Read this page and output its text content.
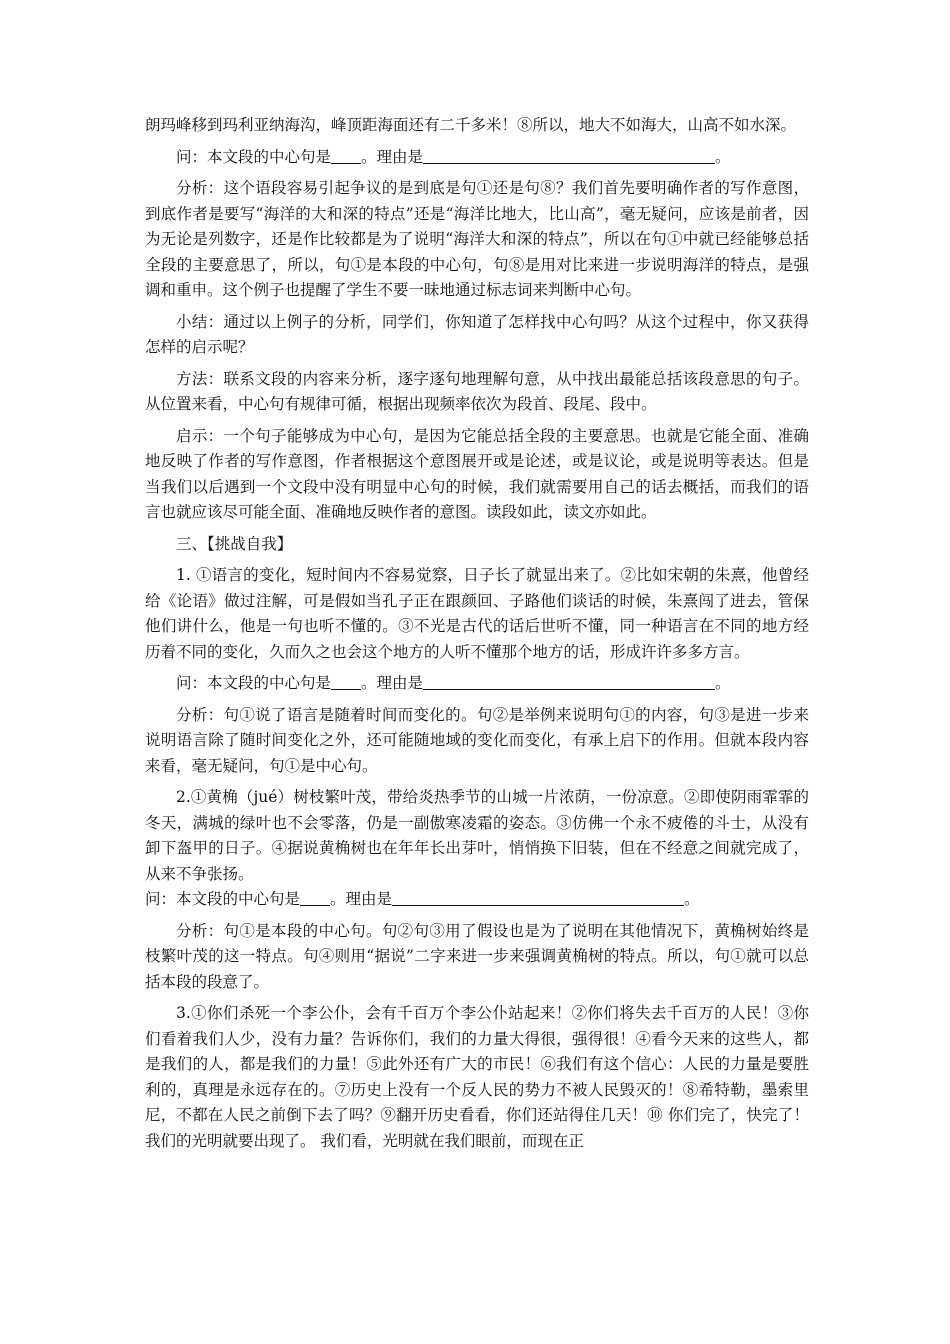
朗玛峰移到玛利亚纳海沟，峰顶距海面还有二千多米！⑧所以，地大不如海大，山高不如水深。

问：本文段的中心句是 。理由是	。

分析：这个语段容易引起争议的是到底是句①还是句⑧？我们首先要明确作者的写作意图，到底作者是要写“海洋的大和深的特点”还是“海洋比地大，比山高”，毫无疑问，应该是前者，因为无论是列数字，还是作比较都是为了说明“海洋大和深的特点”，所以在句①中就已经能够总括全段的主要意思了，所以，句①是本段的中心句，句⑧是用对比来进一步说明海洋的特点，是强调和重申。这个例子也提醒了学生不要一昧地通过标志词来判断中心句。

小结：通过以上例子的分析，同学们，你知道了怎样找中心句吗？从这个过程中，你又获得怎样的启示呢？

方法：联系文段的内容来分析，逐字逐句地理解句意，从中找出最能总括该段意思的句子。从位置来看，中心句有规律可循，根据出现频率依次为段首、段尾、段中。

启示：一个句子能够成为中心句，是因为它能总括全段的主要意思。也就是它能全面、准确地反映了作者的写作意图，作者根据这个意图展开或是论述，或是议论，或是说明等表达。但是当我们以后遇到一个文段中没有明显中心句的时候，我们就需要用自己的话去概括，而我们的语言也就应该尽可能全面、准确地反映作者的意图。读段如此，读文亦如此。

三、【挑战自我】

1. ①语言的变化，短时间内不容易觉察，日子长了就显出来了。②比如宋朝的朱熹，他曾经给《论语》做过注解，可是假如当孔子正在跟颜回、子路他们谈话的时候，朱熹闯了进去，管保他们讲什么，他是一句也听不懂的。③不光是古代的话后世听不懂，同一种语言在不同的地方经历着不同的变化，久而久之也会这个地方的人听不懂那个地方的话，形成许许多多方言。

问：本文段的中心句是 。理由是	。

分析：句①说了语言是随着时间而变化的。句②是举例来说明句①的内容，句③是进一步来说明语言除了随时间变化之外，还可能随地域的变化而变化，有承上启下的作用。但就本段内容来看，毫无疑问，句①是中心句。

2.①黄桷（jué）树枝繁叶茂，带给炎热季节的山城一片浓荫，一份凉意。②即使阴雨霏霏的冬天，满城的绿叶也不会零落，仍是一副傲寒凌霜的姿态。③仿佛一个永不疲倦的斗士，从没有卸下盔甲的日子。④据说黄桷树也在年年长出芽叶，悄悄换下旧装，但在不经意之间就完成了，从来不争张扬。

问：本文段的中心句是 。理由是	。

分析：句①是本段的中心句。句②句③用了假设也是为了说明在其他情况下，黄桷树始终是枝繁叶茂的这一特点。句④则用“据说”二字来进一步来强调黄桷树的特点。所以，句①就可以总括本段的段意了。

3.①你们杀死一个李公仆，会有千百万个李公仆站起来！②你们将失去千百万的人民！③你们看着我们人少，没有力量？告诉你们，我们的力量大得很，强得很！④看今天来的这些人，都是我们的人，都是我们的力量！⑤此外还有广大的市民！⑥我们有这个信心：人民的力量是要胜利的，真理是永远存在的。⑦历史上没有一个反人民的势力不被人民毁灭的！⑧希特勒，墨索里尼，不都在人民之前倒下去了吗？⑨翻开历史看看，你们还站得住几天！⑩ 你们完了，快完了！ 我们的光明就要出现了。 我们看，光明就在我们眼前，而现在正
